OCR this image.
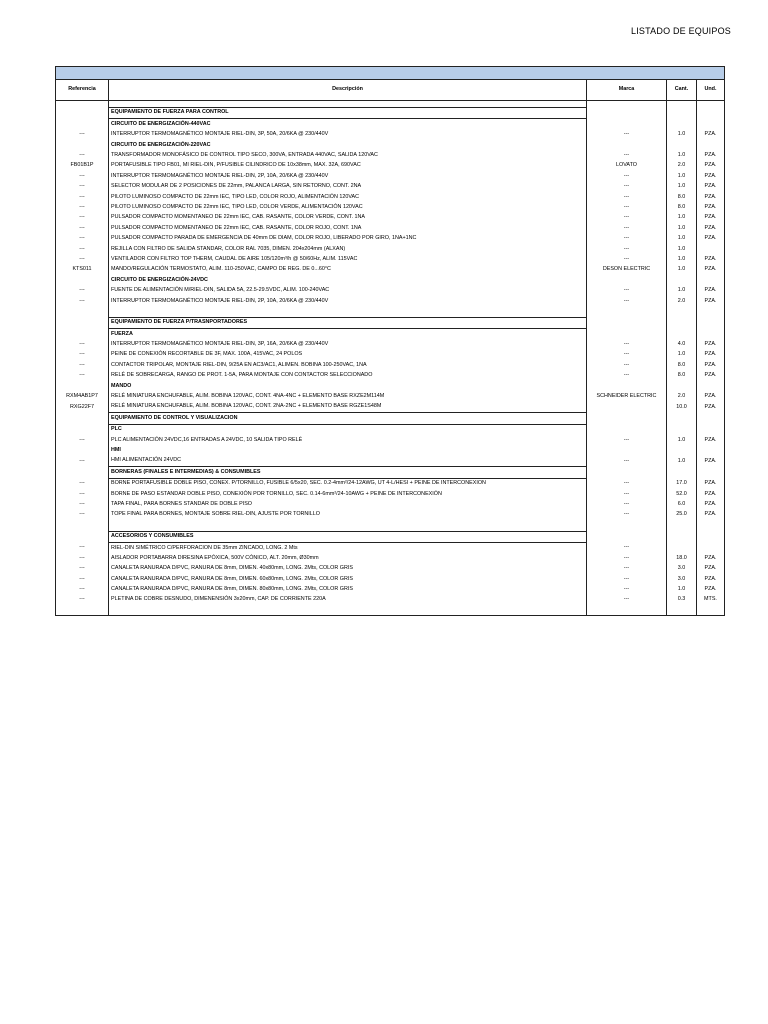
LISTADO DE EQUIPOS

Referencia	Descripción	Marca	Cant.	Und.

	EQUIPAMIENTO DE FUERZA PARA CONTROL			
	CIRCUITO DE ENERGIZACIÓN-440VAC			
---	INTERRUPTOR TERMOMAGNÉTICO MONTAJE RIEL-DIN, 3P, 50A, 20/6KA @ 230/440V	---	1.0	PZA.
	CIRCUITO DE ENERGIZACIÓN-220VAC			
---	TRANSFORMADOR MONOFÁSICO DE CONTROL TIPO SECO, 300VA, ENTRADA 440VAC, SALIDA 120VAC	---	1.0	PZA.
FB01B1P	PORTAFUSIBLE TIPO FB01, MI RIEL-DIN, P/FUSIBLE CILINDRICO DE 10x38mm, MAX. 32A, 690VAC	LOVATO	2.0	PZA.
---	INTERRUPTOR TERMOMAGNÉTICO MONTAJE RIEL-DIN, 2P, 10A, 20/6KA @ 230/440V	---	1.0	PZA.
---	SELECTOR MODULAR DE 2 POSICIONES DE 22mm, PALANCA LARGA, SIN RETORNO, CONT. 2NA	---	1.0	PZA.
---	PILOTO LUMINOSO COMPACTO DE 22mm IEC, TIPO LED, COLOR ROJO, ALIMENTACIÓN 120VAC	---	8.0	PZA.
---	PILOTO LUMINOSO COMPACTO DE 22mm IEC, TIPO LED, COLOR VERDE, ALIMENTACIÓN 120VAC	---	8.0	PZA.
---	PULSADOR COMPACTO MOMENTANEO DE 22mm IEC, CAB. RASANTE, COLOR VERDE, CONT. 1NA	---	1.0	PZA.
---	PULSADOR COMPACTO MOMENTANEO DE 22mm IEC, CAB. RASANTE, COLOR ROJO, CONT. 1NA	---	1.0	PZA.
---	PULSADOR COMPACTO PARADA DE EMERGENCIA DE 40mm DE DIAM, COLOR ROJO, LIBERADO POR GIRO, 1NA+1NC	---	1.0	PZA.
---	REJILLA CON FILTRO DE SALIDA STANDAR, COLOR RAL 7035, DIMEN. 204x204mm (ALXAN)	---	1.0	
---	VENTILADOR CON FILTRO TOP THERM, CAUDAL DE AIRE 105/120m³/h @ 50/60Hz, ALIM. 115VAC	---	1.0	PZA.
KTS011	MANDO/REGULACIÓN TERMOSTATO, ALIM. 110-250VAC, CAMPO DE REG. DE 0...60°C	DESON ELECTRIC	1.0	PZA.
	CIRCUITO DE ENERGIZACIÓN-24VDC			
---	FUENTE DE ALIMENTACIÓN M/RIEL-DIN, SALIDA 5A, 22.5-29.5VDC, ALIM. 100-240VAC	---	1.0	PZA.
---	INTERRUPTOR TERMOMAGNÉTICO MONTAJE RIEL-DIN, 2P, 10A, 20/6KA @ 230/440V	---	2.0	PZA.

	EQUIPAMIENTO DE FUERZA P/TRASNPORTADORES			
	FUERZA			
---	INTERRUPTOR TERMOMAGNÉTICO MONTAJE RIEL-DIN, 3P, 16A, 20/6KA @ 230/440V	---	4.0	PZA.
---	PEINE DE CONEXIÓN RECORTABLE DE 3F, MAX. 100A, 415VAC, 24 POLOS	---	1.0	PZA.
---	CONTACTOR TRIPOLAR, MONTAJE RIEL-DIN, 9/25A EN AC3/AC1, ALIMEN. BOBINA 100-250VAC, 1NA	---	8.0	PZA.
---	RELÉ DE SOBRECARGA, RANGO DE PROT. 1-5A, PARA MONTAJE CON CONTACTOR SELECCIONADO	---	8.0	PZA.
	MANDO			
RXM4AB1P7	RELÉ MINIATURA ENCHUFABLE, ALIM. BOBINA 120VAC, CONT. 4NA-4NC + ELEMENTO BASE RXZE2M114M	SCHNEIDER ELECTRIC	2.0	PZA.
RXG22F7	RELÉ MINIATURA ENCHUFABLE, ALIM. BOBINA 120VAC, CONT. 2NA-2NC + ELEMENTO BASE RGZE1S48M		10.0	PZA.
	EQUIPAMIENTO DE CONTROL Y VISUALIZACION			
	PLC			
---	PLC ALIMENTACIÓN 24VDC,16 ENTRADAS A 24VDC, 10 SALIDA TIPO RELÉ	---	1.0	PZA.
	HMI			
---	HMI ALIMENTACIÓN 24VDC	---	1.0	PZA.
	BORNERAS (FINALES E INTERMEDIAS) & CONSUMIBLES			
---	BORNE PORTAFUSIBLE DOBLE PISO, CONEX. P/TORNILLO, FUSIBLE 6/5x20, SEC. 0.2-4mm²/24-12AWG, UT 4-L/HESI + PEINE DE INTERCONEXION	---	17.0	PZA.
---	BORNE DE PASO ESTANDAR DOBLE PISO, CONEXIÓN POR TORNILLO, SEC. 0.14-6mm²/24-10AWG + PEINE DE INTERCONEXIÓN	---	52.0	PZA.
---	TAPA FINAL, PARA BORNES STANDAR DE DOBLE PISO	---	6.0	PZA.
---	TOPE FINAL PARA BORNES, MONTAJE SOBRE RIEL-DIN, AJUSTE POR TORNILLO	---	25.0	PZA.

	ACCESORIOS Y CONSUMIBLES			
---	RIEL-DIN SIMÉTRICO C/PERFORACION DE 35mm ZINCADO, LONG. 2 Mts	---		
---	AISLADOR PORTABARRA DIRESINA EPÓXICA, 500V CÓNICO, ALT. 20mm, Ø30mm	---	18.0	PZA.
---	CANALETA RANURADA D/PVC, RANURA DE 8mm, DIMEN. 40x80mm, LONG. 2Mts, COLOR GRIS	---	3.0	PZA.
---	CANALETA RANURADA D/PVC, RANURA DE 8mm, DIMEN. 60x80mm, LONG. 2Mts, COLOR GRIS	---	3.0	PZA.
---	CANALETA RANURADA D/PVC, RANURA DE 8mm, DIMEN. 80x80mm, LONG. 2Mts, COLOR GRIS	---	1.0	PZA.
---	PLETINA DE COBRE DESNUDO, DIMENENSIÓN 3x20mm, CAP. DE CORRIENTE 220A	---	0.3	MTS.
